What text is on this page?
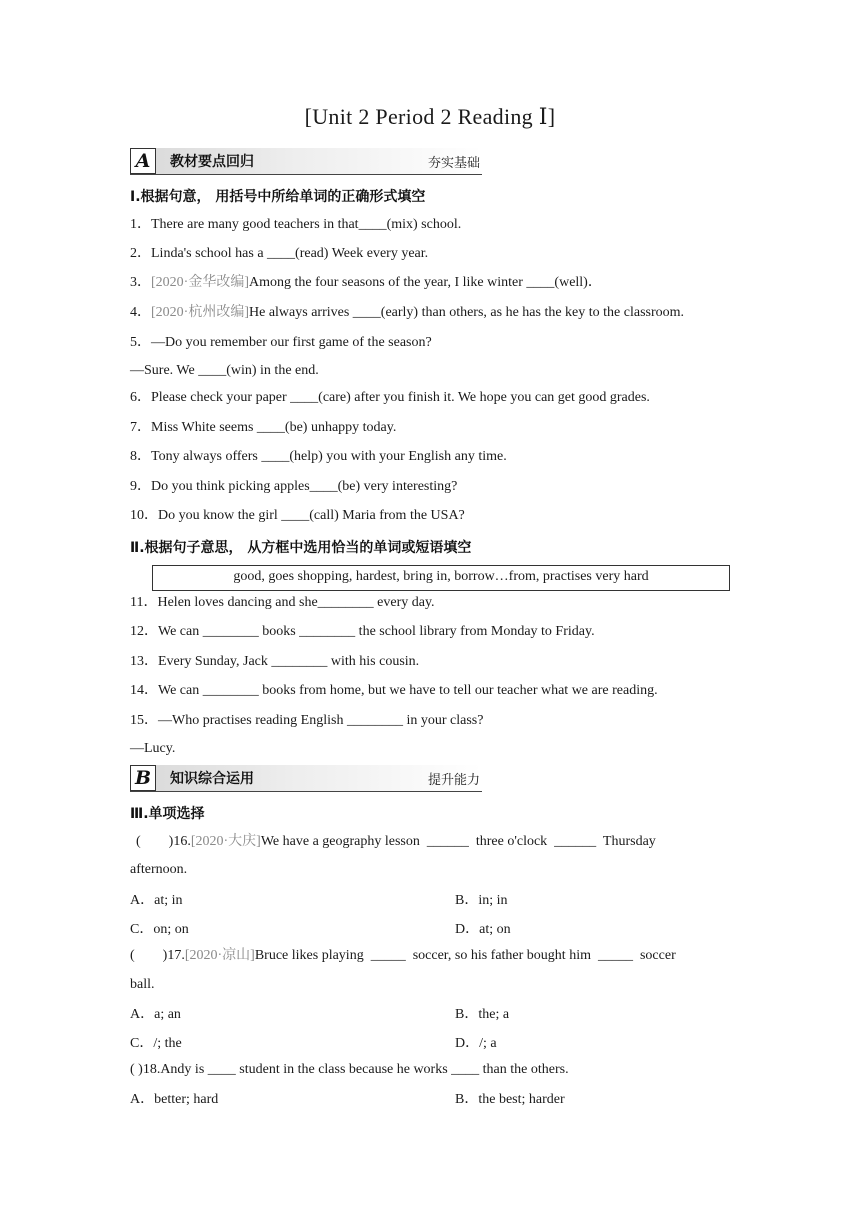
[Unit 2 Period 2 Reading Ⅰ]
A	教材要点回归	夯实基础
Ⅰ.根据句意， 用括号中所给单词的正确形式填空
1．There are many good teachers in that____(mix) school.
2．Linda's school has a ____(read) Week every year.
3．[2020·金华改编]Among the four seasons of the year, I like winter ____(well)．
4．[2020·杭州改编]He always arrives ____(early) than others, as he has the key to the classroom.
5．—Do you remember our first game of the season?
—Sure. We ____(win) in the end.
6．Please check your paper ____(care) after you finish it. We hope you can get good grades.
7．Miss White seems ____(be) unhappy today.
8．Tony always offers ____(help) you with your English any time.
9．Do you think picking apples____(be) very interesting?
10．Do you know the girl ____(call) Maria from the USA?
Ⅱ.根据句子意思， 从方框中选用恰当的单词或短语填空
good, goes shopping, hardest, bring in, borrow…from, practises very hard
11．Helen loves dancing and she________ every day.
12．We can ________ books ________ the school library from Monday to Friday.
13．Every Sunday, Jack ________ with his cousin.
14．We can ________ books from home, but we have to tell our teacher what we are reading.
15．—Who practises reading English ________ in your class?
—Lucy.
B	知识综合运用	提升能力
Ⅲ.单项选择
(        )16.[2020·大庆]We have a geography lesson  ______  three o'clock  ______  Thursday
afternoon.
A．at; in	B．in; in
C．on; on	D．at; on
(        )17.[2020·凉山]Bruce likes playing  _____  soccer, so his father bought him  _____  soccer
ball.
A．a; an	B．the; a
C．/; the	D．/; a
( )18.Andy is ____ student in the class because he works ____ than the others.
A．better; hard	B．the best; harder
